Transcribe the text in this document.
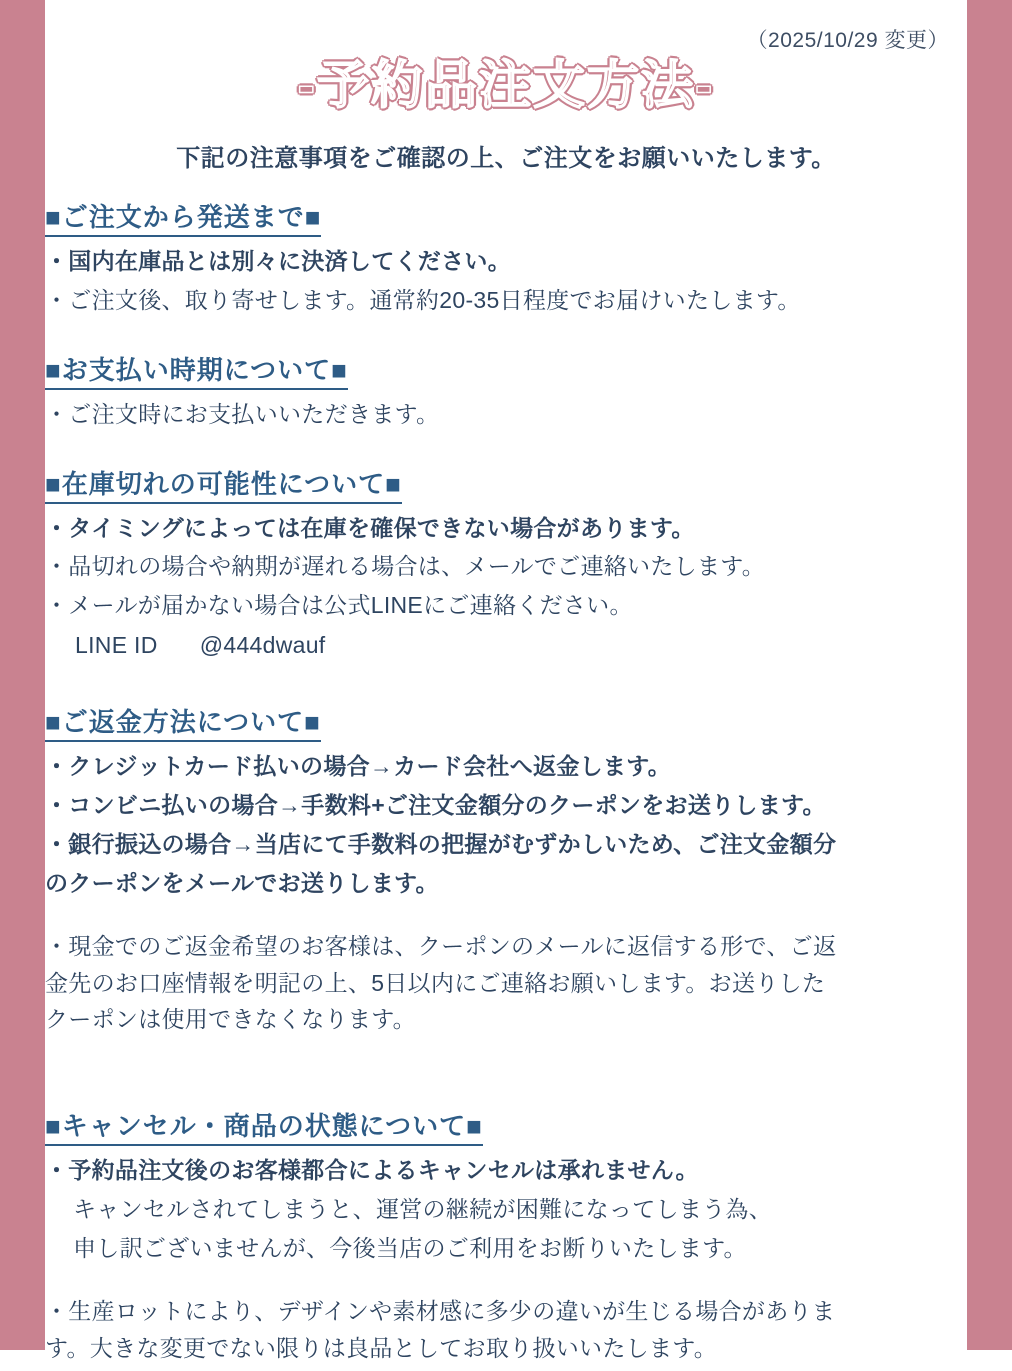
（2025/10/29 変更）
-予約品注文方法-
下記の注意事項をご確認の上、ご注文をお願いいたします。
■ご注文から発送まで■

・国内在庫品とは別々に決済してください。

・ご注文後、取り寄せします。通常約20-35日程度でお届けいたします。

■お支払い時期について■

・ご注文時にお支払いいただきます。

■在庫切れの可能性について■

・タイミングによっては在庫を確保できない場合があります。

・品切れの場合や納期が遅れる場合は、メールでご連絡いたします。

・メールが届かない場合は公式LINEにご連絡ください。

LINE ID @444dwauf
■ご返金方法について■

・クレジットカード払いの場合→カード会社へ返金します。

・コンビニ払いの場合→手数料+ご注文金額分のクーポンをお送りします。

・銀行振込の場合→当店にて手数料の把握がむずかしいため、ご注文金額分

のクーポンをメールでお送りします。

・現金でのご返金希望のお客様は、クーポンのメールに返信する形で、ご返

金先のお口座情報を明記の上、5日以内にご連絡お願いします。お送りした

クーポンは使用できなくなります。

■キャンセル・商品の状態について■

・予約品注文後のお客様都合によるキャンセルは承れません。

キャンセルされてしまうと、運営の継続が困難になってしまう為、

申し訳ございませんが、今後当店のご利用をお断りいたします。

・生産ロットにより、デザインや素材感に多少の違いが生じる場合がありま

す。大きな変更でない限りは良品としてお取り扱いいたします。
